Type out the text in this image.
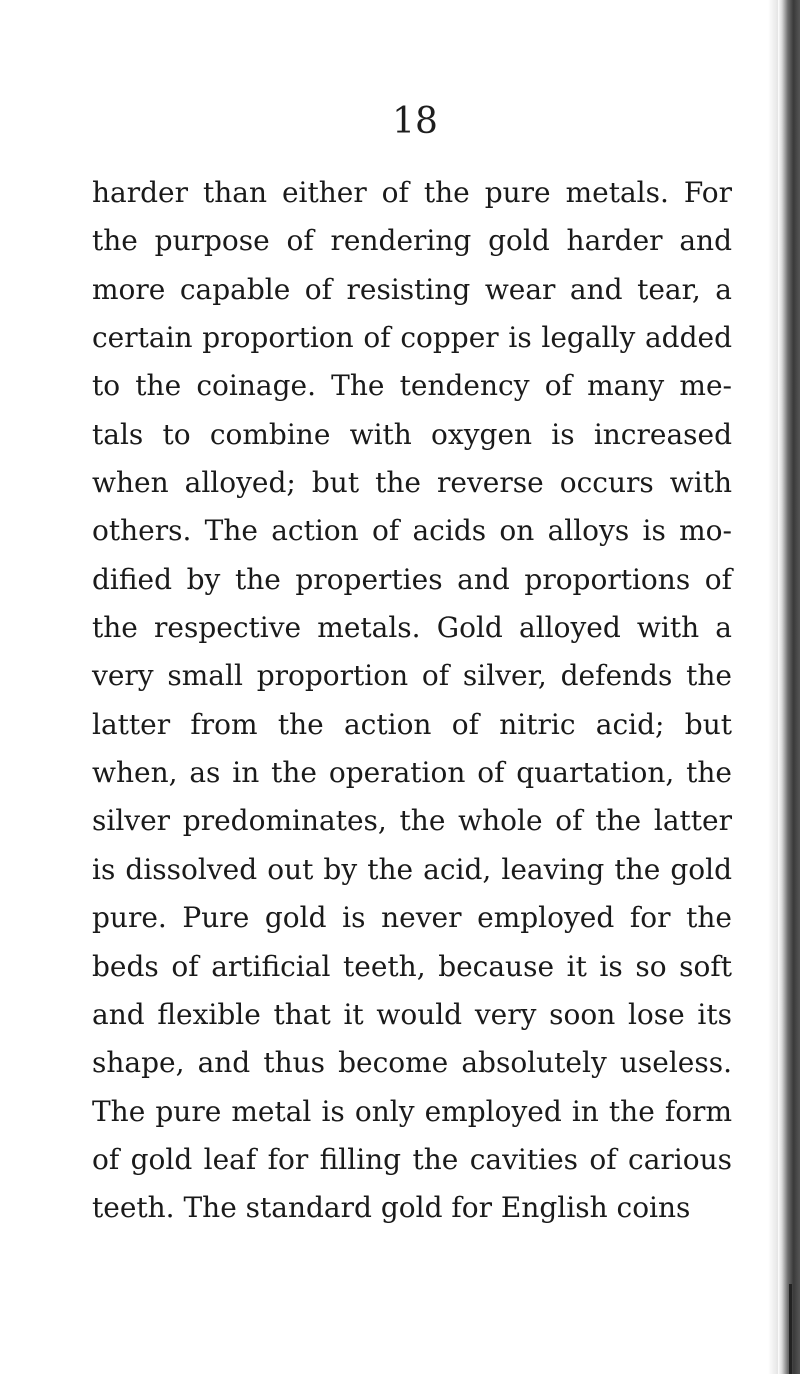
18
harder than either of the pure metals. For
the purpose of rendering gold harder and
more capable of resisting wear and tear, a
certain proportion of copper is legally added
to the coinage. The tendency of many me-
tals to combine with oxygen is increased
when alloyed; but the reverse occurs with
others. The action of acids on alloys is mo-
dified by the properties and proportions of
the respective metals. Gold alloyed with a
very small proportion of silver, defends the
latter from the action of nitric acid; but
when, as in the operation of quartation, the
silver predominates, the whole of the latter
is dissolved out by the acid, leaving the gold
pure. Pure gold is never employed for the
beds of artificial teeth, because it is so soft
and flexible that it would very soon lose its
shape, and thus become absolutely useless.
The pure metal is only employed in the form
of gold leaf for filling the cavities of carious
teeth. The standard gold for English coins
